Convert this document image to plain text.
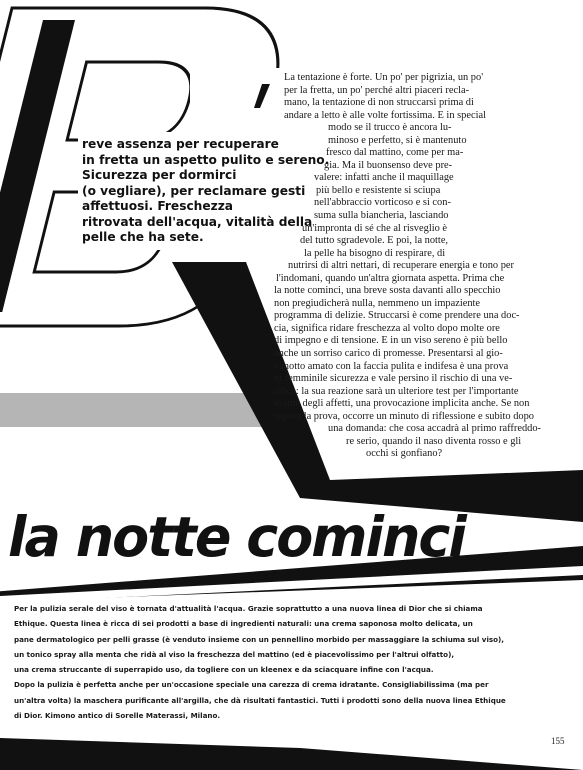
reve assenza per recuperare
in fretta un aspetto pulito e sereno.
Sicurezza per dormirci
(o vegliare), per reclamare gesti
affettuosi. Freschezza
ritrovata dell'acqua, vitalità della
pelle che ha sete.
La tentazione è forte. Un po' per pigrizia, un po'
per la fretta, un po' perché altri piaceri recla-
mano, la tentazione di non struccarsi prima di
andare a letto è alle volte fortissima. E in special
modo se il trucco è ancora lu-
minoso e perfetto, si è mantenuto
fresco dal mattino, come per ma-
gia. Ma il buonsenso deve pre-
valere: infatti anche il maquillage
più bello e resistente si sciupa
nell'abbraccio vorticoso e si con-
suma sulla biancheria, lasciando
un'impronta di sé che al risveglio è
del tutto sgradevole. E poi, la notte,
la pelle ha bisogno di respirare, di
nutrirsi di altri nettari, di recuperare energia e tono per
l'indomani, quando un'altra giornata aspetta. Prima che
la notte cominci, una breve sosta davanti allo specchio
non pregiudicherà nulla, nemmeno un impaziente
programma di delizie. Struccarsi è come prendere una doc-
cia, significa ridare freschezza al volto dopo molte ore
di impegno e di tensione. E in un viso sereno è più bello
anche un sorriso carico di promesse. Presentarsi al gio-
vanotto amato con la faccia pulita e indifesa è una prova
di femminile sicurezza e vale persino il rischio di una ve-
rifica: la sua reazione sarà un ulteriore test per l'importante
esame degli affetti, una provocazione implicita anche. Se non
supera la prova, occorre un minuto di riflessione e subito dopo
una domanda: che cosa accadrà al primo raffreddo-
re serio, quando il naso diventa rosso e gli
occhi si gonfiano?
la notte cominci
Per la pulizia serale del viso è tornata d'attualità l'acqua. Grazie soprattutto a una nuova linea di Dior che si chiama
Ethique. Questa linea è ricca di sei prodotti a base di ingredienti naturali: una crema saponosa molto delicata, un
pane dermatologico per pelli grasse (è venduto insieme con un pennellino morbido per massaggiare la schiuma sul viso),
un tonico spray alla menta che ridà al viso la freschezza del mattino (ed è piacevolissimo per l'altrui olfatto),
una crema struccante di superrapido uso, da togliere con un kleenex e da sciacquare infine con l'acqua.
Dopo la pulizia è perfetta anche per un'occasione speciale una carezza di crema idratante. Consigliabilissima (ma per
un'altra volta) la maschera purificante all'argilla, che dà risultati fantastici. Tutti i prodotti sono della nuova linea Ethique
di Dior. Kimono antico di Sorelle Materassi, Milano.
155
